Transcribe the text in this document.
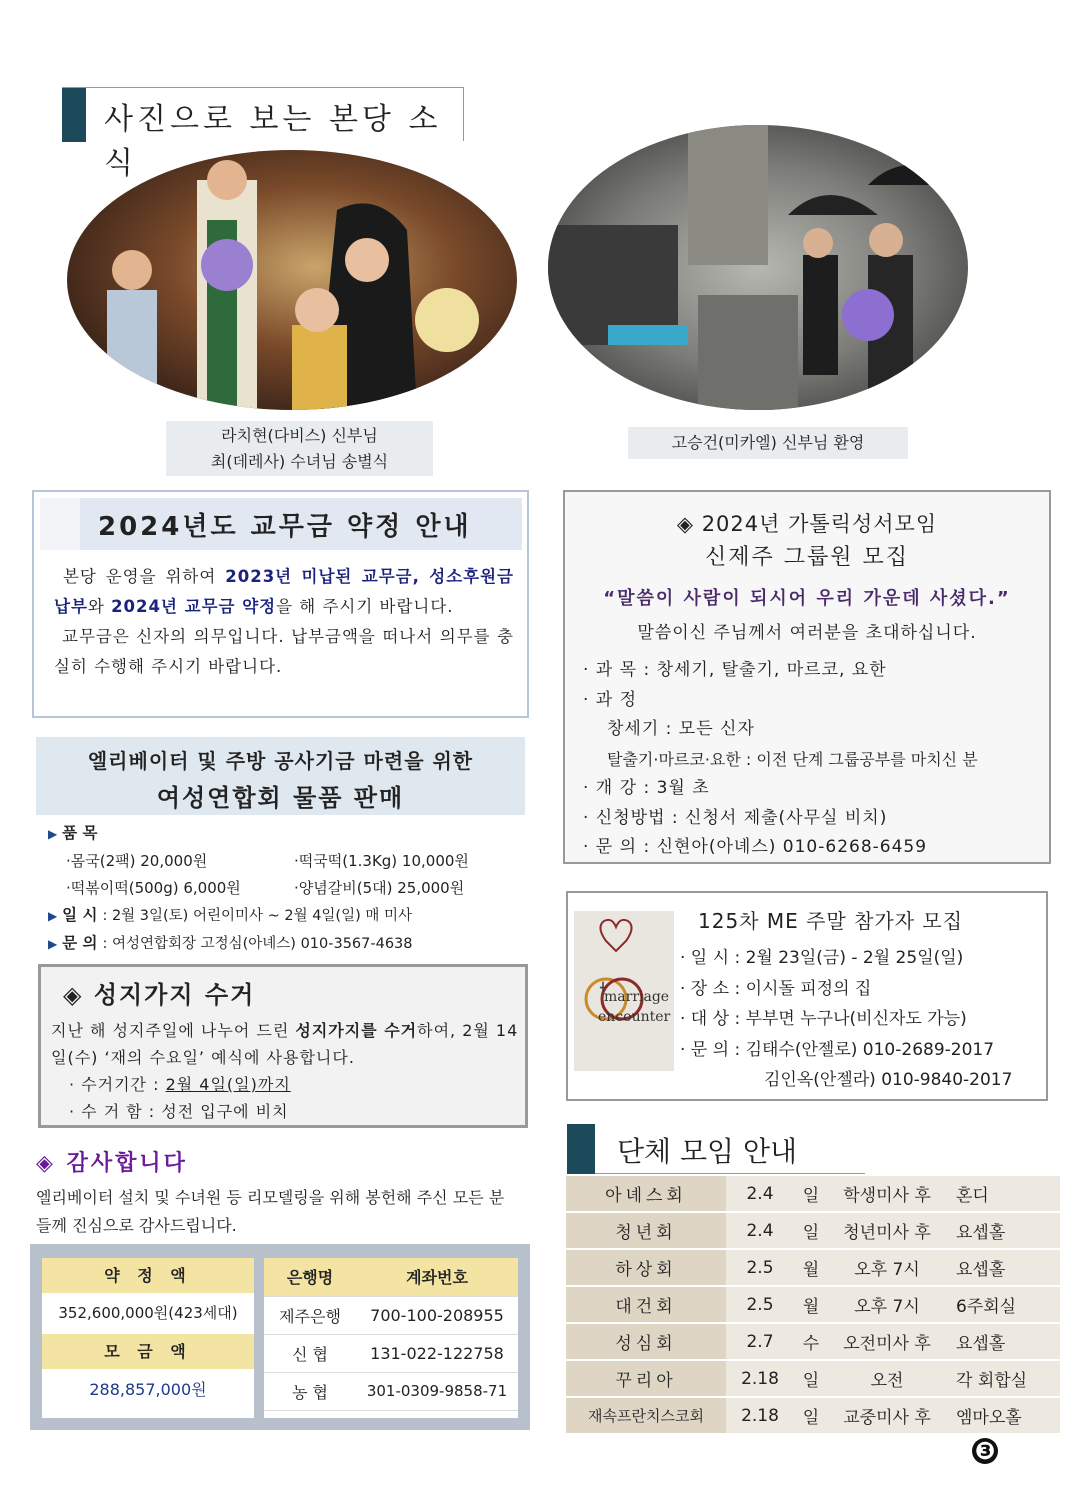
사진으로 보는 본당 소식
라치현(다비스) 신부님
최(데레사) 수녀님 송별식
고승건(미카엘) 신부님 환영
2024년도 교무금 약정 안내
본당 운영을 위하여 2023년 미납된 교무금, 성소후원금 납부와 2024년 교무금 약정을 해 주시기 바랍니다.
교무금은 신자의 의무입니다. 납부금액을 떠나서 의무를 충실히 수행해 주시기 바랍니다.
엘리베이터 및 주방 공사기금 마련을 위한
여성연합회 물품 판매
▶ 품 목
·몸국(2팩) 20,000원	·떡국떡(1.3Kg) 10,000원
·떡볶이떡(500g) 6,000원	·양념갈비(5대) 25,000원
▶ 일 시 : 2월 3일(토) 어린이미사 ~ 2월 4일(일) 매 미사
▶ 문 의 : 여성연합회장 고정심(아녜스) 010-3567-4638
◈ 성지가지 수거
지난 해 성지주일에 나누어 드린 성지가지를 수거하여, 2월 14일(수) ‘재의 수요일’ 예식에 사용합니다.
· 수거기간 : 2월 4일(일)까지
· 수 거 함 : 성전 입구에 비치
◈ 감사합니다
엘리베이터 설치 및 수녀원 등 리모델링을 위해 봉헌해 주신 모든 분들께 진심으로 감사드립니다.
약 정 액
352,600,000원(423세대)
모 금 액
288,857,000원
은행명	계좌번호
제주은행	700-100-208955
신 협	131-022-122758
농 협	301-0309-9858-71
◈ 2024년 가톨릭성서모임
신제주 그룹원 모집
“말씀이 사람이 되시어 우리 가운데 사셨다.”
말씀이신 주님께서 여러분을 초대하십니다.
· 과 목 : 창세기, 탈출기, 마르코, 요한
· 과 정
창세기 : 모든 신자
탈출기·마르코·요한 : 이전 단계 그룹공부를 마치신 분
· 개 강 : 3월 초
· 신청방법 : 신청서 제출(사무실 비치)
· 문 의 : 신현아(아녜스) 010-6268-6459
╋
marriage
encounter
125차 ME 주말 참가자 모집
· 일 시 : 2월 23일(금) - 2월 25일(일)
· 장 소 : 이시돌 피정의 집
· 대 상 : 부부면 누구나(비신자도 가능)
· 문 의 : 김태수(안젤로) 010-2689-2017
김인옥(안젤라) 010-9840-2017
단체 모임 안내
아녜스회	2.4	일	학생미사 후	혼디
청년회	2.4	일	청년미사 후	요셉홀
하상회	2.5	월	오후 7시	요셉홀
대건회	2.5	월	오후 7시	6주회실
성심회	2.7	수	오전미사 후	요셉홀
꾸리아	2.18	일	오전	각 회합실
재속프란치스코회	2.18	일	교중미사 후	엠마오홀
❸
